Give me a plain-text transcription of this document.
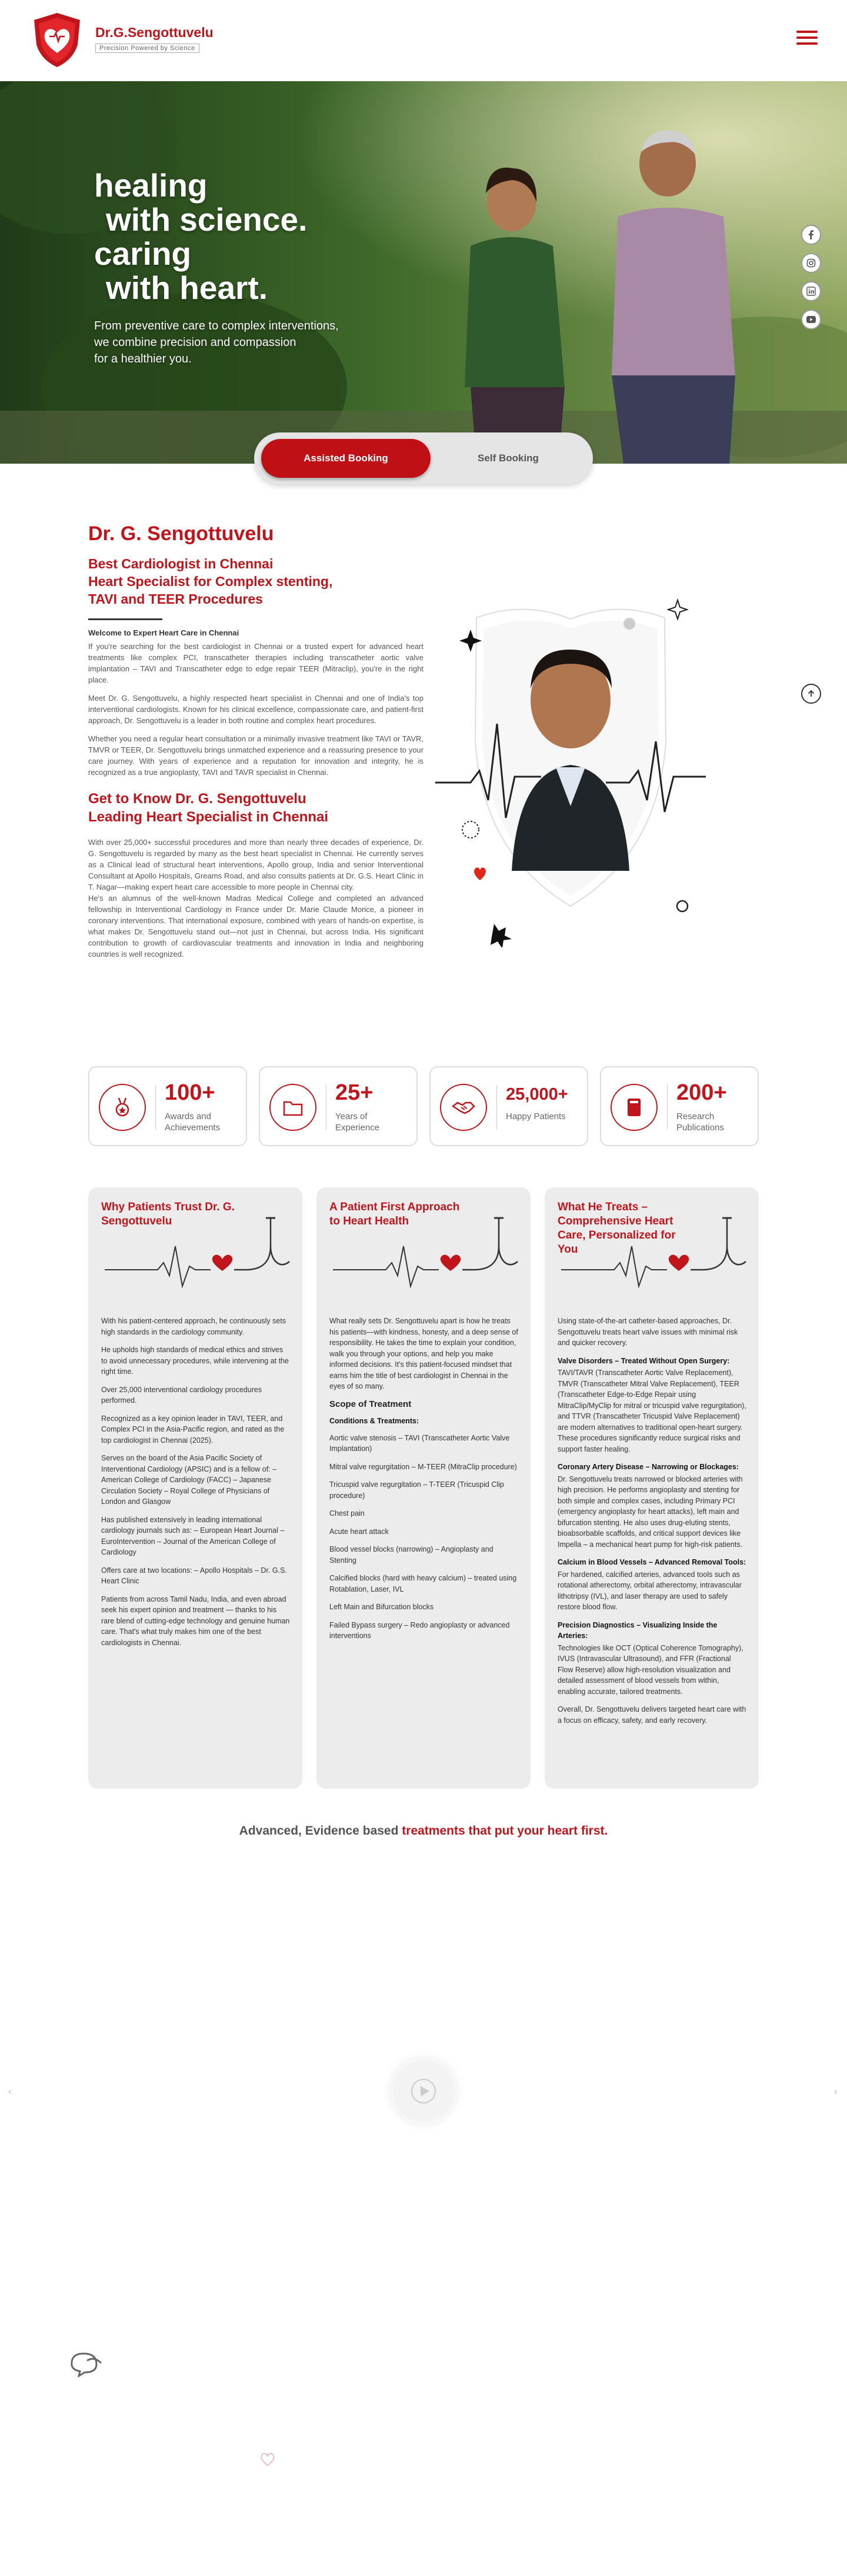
Dr.G.Sengottuvelu
Precision Powered by Science
healing
with science.
caring
with heart.
From preventive care to complex interventions,
we combine precision and compassion
for a healthier you.
Assisted Booking	Self Booking
Dr. G. Sengottuvelu
Best Cardiologist in Chennai
Heart Specialist for Complex stenting,
TAVI and TEER Procedures
Welcome to Expert Heart Care in Chennai
If you're searching for the best cardiologist in Chennai or a trusted expert for advanced heart treatments like complex PCI, transcatheter therapies including transcatheter aortic valve implantation – TAVI and Transcatheter edge to edge repair TEER (Mitraclip), you're in the right place.
Meet Dr. G. Sengottuvelu, a highly respected heart specialist in Chennai and one of India's top interventional cardiologists. Known for his clinical excellence, compassionate care, and patient-first approach, Dr. Sengottuvelu is a leader in both routine and complex heart procedures.
Whether you need a regular heart consultation or a minimally invasive treatment like TAVI or TAVR, TMVR or TEER, Dr. Sengottuvelu brings unmatched experience and a reassuring presence to your care journey. With years of experience and a reputation for innovation and integrity, he is recognized as a true angioplasty, TAVI and TAVR specialist in Chennai.
Get to Know Dr. G. Sengottuvelu
Leading Heart Specialist in Chennai
With over 25,000+ successful procedures and more than nearly three decades of experience, Dr. G. Sengottuvelu is regarded by many as the best heart specialist in Chennai. He currently serves as a Clinical lead of structural heart interventions, Apollo group, India and senior Interventional Consultant at Apollo Hospitals, Greams Road, and also consults patients at Dr. G.S. Heart Clinic in T. Nagar—making expert heart care accessible to more people in Chennai city.
He's an alumnus of the well-known Madras Medical College and completed an advanced fellowship in Interventional Cardiology in France under Dr. Marie Claude Morice, a pioneer in coronary interventions. That international exposure, combined with years of hands-on expertise, is what makes Dr. Sengottuvelu stand out—not just in Chennai, but across India. His significant contribution to growth of cardiovascular treatments and innovation in India and neighboring countries is well recognized.
100+
Awards and Achievements
25+
Years of Experience
25,000+
Happy Patients
200+
Research Publications
Why Patients Trust Dr. G. Sengottuvelu
With his patient-centered approach, he continuously sets high standards in the cardiology community.
He upholds high standards of medical ethics and strives to avoid unnecessary procedures, while intervening at the right time.
Over 25,000 interventional cardiology procedures performed.
Recognized as a key opinion leader in TAVI, TEER, and Complex PCI in the Asia-Pacific region, and rated as the top cardiologist in Chennai (2025).
Serves on the board of the Asia Pacific Society of Interventional Cardiology (APSIC) and is a fellow of: – American College of Cardiology (FACC) – Japanese Circulation Society – Royal College of Physicians of London and Glasgow
Has published extensively in leading international cardiology journals such as: – European Heart Journal – EuroIntervention – Journal of the American College of Cardiology
Offers care at two locations: – Apollo Hospitals – Dr. G.S. Heart Clinic
Patients from across Tamil Nadu, India, and even abroad seek his expert opinion and treatment — thanks to his rare blend of cutting-edge technology and genuine human care. That's what truly makes him one of the best cardiologists in Chennai.
A Patient First Approach to Heart Health

What really sets Dr. Sengottuvelu apart is how he treats his patients—with kindness, honesty, and a deep sense of responsibility. He takes the time to explain your condition, walk you through your options, and help you make informed decisions. It's this patient-focused mindset that earns him the title of best cardiologist in Chennai in the eyes of so many.

Scope of Treatment
Conditions & Treatments:
Aortic valve stenosis – TAVI (Transcatheter Aortic Valve Implantation)
Mitral valve regurgitation – M-TEER (MitraClip procedure)
Tricuspid valve regurgitation – T-TEER (Tricuspid Clip procedure)
Chest pain
Acute heart attack
Blood vessel blocks (narrowing) – Angioplasty and Stenting
Calcified blocks (hard with heavy calcium) – treated using Rotablation, Laser, IVL
Left Main and Bifurcation blocks
Failed Bypass surgery – Redo angioplasty or advanced interventions
What He Treats – Comprehensive Heart Care, Personalized for You

Using state-of-the-art catheter-based approaches, Dr. Sengottuvelu treats heart valve issues with minimal risk and quicker recovery.

Valve Disorders – Treated Without Open Surgery:

TAVI/TAVR (Transcatheter Aortic Valve Replacement), TMVR (Transcatheter Mitral Valve Replacement), TEER (Transcatheter Edge-to-Edge Repair using MitraClip/MyClip for mitral or tricuspid valve regurgitation), and TTVR (Transcatheter Tricuspid Valve Replacement) are modern alternatives to traditional open-heart surgery. These procedures significantly reduce surgical risks and support faster healing.

Coronary Artery Disease – Narrowing or Blockages:

Dr. Sengottuvelu treats narrowed or blocked arteries with high precision. He performs angioplasty and stenting for both simple and complex cases, including Primary PCI (emergency angioplasty for heart attacks), left main and bifurcation stenting. He also uses drug-eluting stents, bioabsorbable scaffolds, and critical support devices like Impella – a mechanical heart pump for high-risk patients.

Calcium in Blood Vessels – Advanced Removal Tools:

For hardened, calcified arteries, advanced tools such as rotational atherectomy, orbital atherectomy, intravascular lithotripsy (IVL), and laser therapy are used to safely restore blood flow.

Precision Diagnostics – Visualizing Inside the Arteries:

Technologies like OCT (Optical Coherence Tomography), IVUS (Intravascular Ultrasound), and FFR (Fractional Flow Reserve) allow high-resolution visualization and detailed assessment of blood vessels from within, enabling accurate, tailored treatments.

Overall, Dr. Sengottuvelu delivers targeted heart care with a focus on efficacy, safety, and early recovery.

Advanced, Evidence based treatments that put your heart first.
‹	›
